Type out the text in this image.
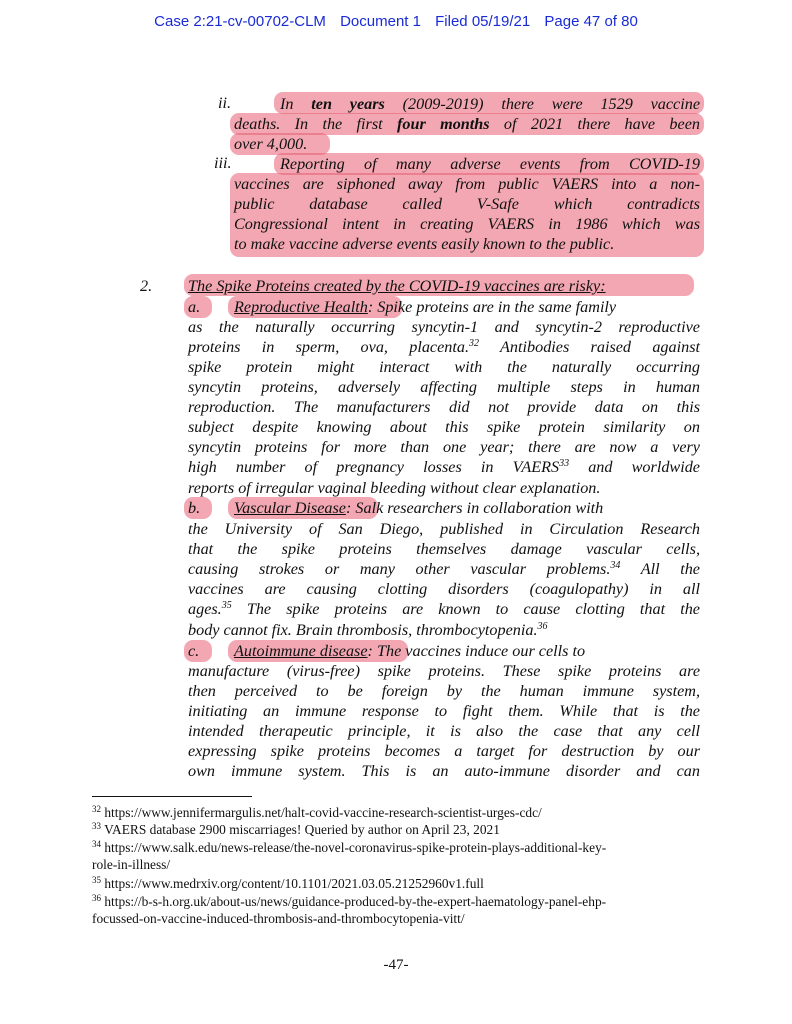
Case 2:21-cv-00702-CLM Document 1 Filed 05/19/21 Page 47 of 80
ii.	In ten years (2009-2019) there were 1529 vaccine
deaths. In the first four months of 2021 there have been
over 4,000.
iii.	Reporting of many adverse events from COVID-19
vaccines are siphoned away from public VAERS into a non-
public database called V-Safe which contradicts
Congressional intent in creating VAERS in 1986 which was
to make vaccine adverse events easily known to the public.
2. The Spike Proteins created by the COVID-19 vaccines are risky:
a. Reproductive Health: Spike proteins are in the same family
as the naturally occurring syncytin-1 and syncytin-2 reproductive
proteins in sperm, ova, placenta.$^{32}$ Antibodies raised against
spike protein might interact with the naturally occurring
syncytin proteins, adversely affecting multiple steps in human
reproduction. The manufacturers did not provide data on this
subject despite knowing about this spike protein similarity on
syncytin proteins for more than one year; there are now a very
high number of pregnancy losses in VAERS$^{33}$ and worldwide
reports of irregular vaginal bleeding without clear explanation.
b. Vascular Disease: Salk researchers in collaboration with
the University of San Diego, published in Circulation Research
that the spike proteins themselves damage vascular cells,
causing strokes or many other vascular problems.$^{34}$ All the
vaccines are causing clotting disorders (coagulopathy) in all
ages.$^{35}$ The spike proteins are known to cause clotting that the
body cannot fix. Brain thrombosis, thrombocytopenia.$^{36}$
c. Autoimmune disease: The vaccines induce our cells to
manufacture (virus-free) spike proteins. These spike proteins are
then perceived to be foreign by the human immune system,
initiating an immune response to fight them. While that is the
intended therapeutic principle, it is also the case that any cell
expressing spike proteins becomes a target for destruction by our
own immune system. This is an auto-immune disorder and can
$^{32}$ https://www.jennifermargulis.net/halt-covid-vaccine-research-scientist-urges-cdc/
$^{33}$ VAERS database 2900 miscarriages! Queried by author on April 23, 2021
$^{34}$ https://www.salk.edu/news-release/the-novel-coronavirus-spike-protein-plays-additional-key-
role-in-illness/
$^{35}$ https://www.medrxiv.org/content/10.1101/2021.03.05.21252960v1.full
$^{36}$ https://b-s-h.org.uk/about-us/news/guidance-produced-by-the-expert-haematology-panel-ehp-
focussed-on-vaccine-induced-thrombosis-and-thrombocytopenia-vitt/
-47-
